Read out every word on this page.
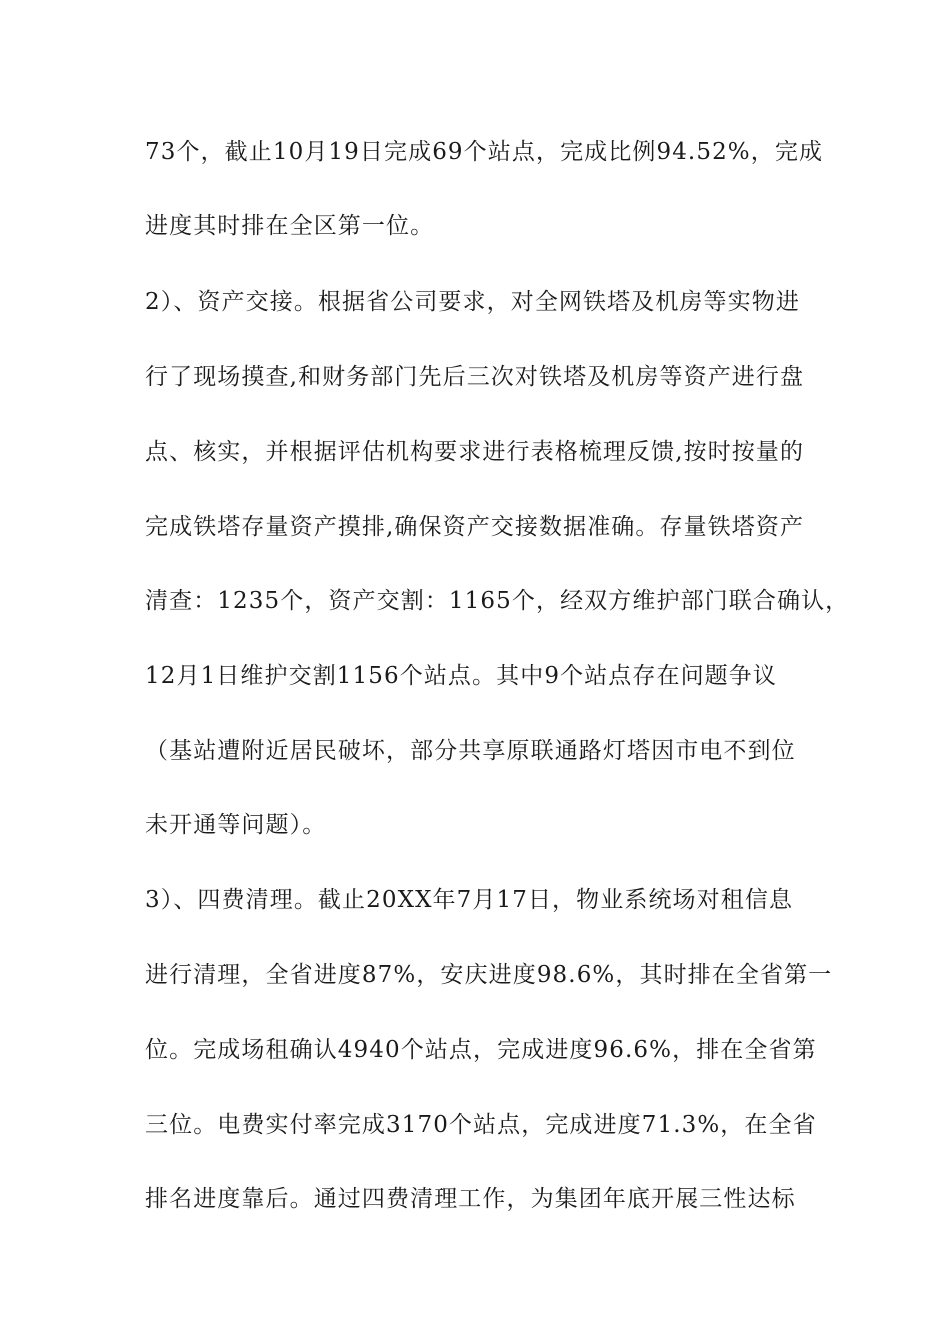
73个，截止10月19日完成69个站点，完成比例94.52%，完成
进度其时排在全区第一位。
2）、资产交接。根据省公司要求，对全网铁塔及机房等实物进
行了现场摸查,和财务部门先后三次对铁塔及机房等资产进行盘
点、核实，并根据评估机构要求进行表格梳理反馈,按时按量的
完成铁塔存量资产摸排,确保资产交接数据准确。存量铁塔资产
清查：1235个，资产交割：1165个，经双方维护部门联合确认，
12月1日维护交割1156个站点。其中9个站点存在问题争议
（基站遭附近居民破坏，部分共享原联通路灯塔因市电不到位
未开通等问题）。
3）、四费清理。截止20XX年7月17日，物业系统场对租信息
进行清理，全省进度87%，安庆进度98.6%，其时排在全省第一
位。完成场租确认4940个站点，完成进度96.6%，排在全省第
三位。电费实付率完成3170个站点，完成进度71.3%，在全省
排名进度靠后。通过四费清理工作，为集团年底开展三性达标
